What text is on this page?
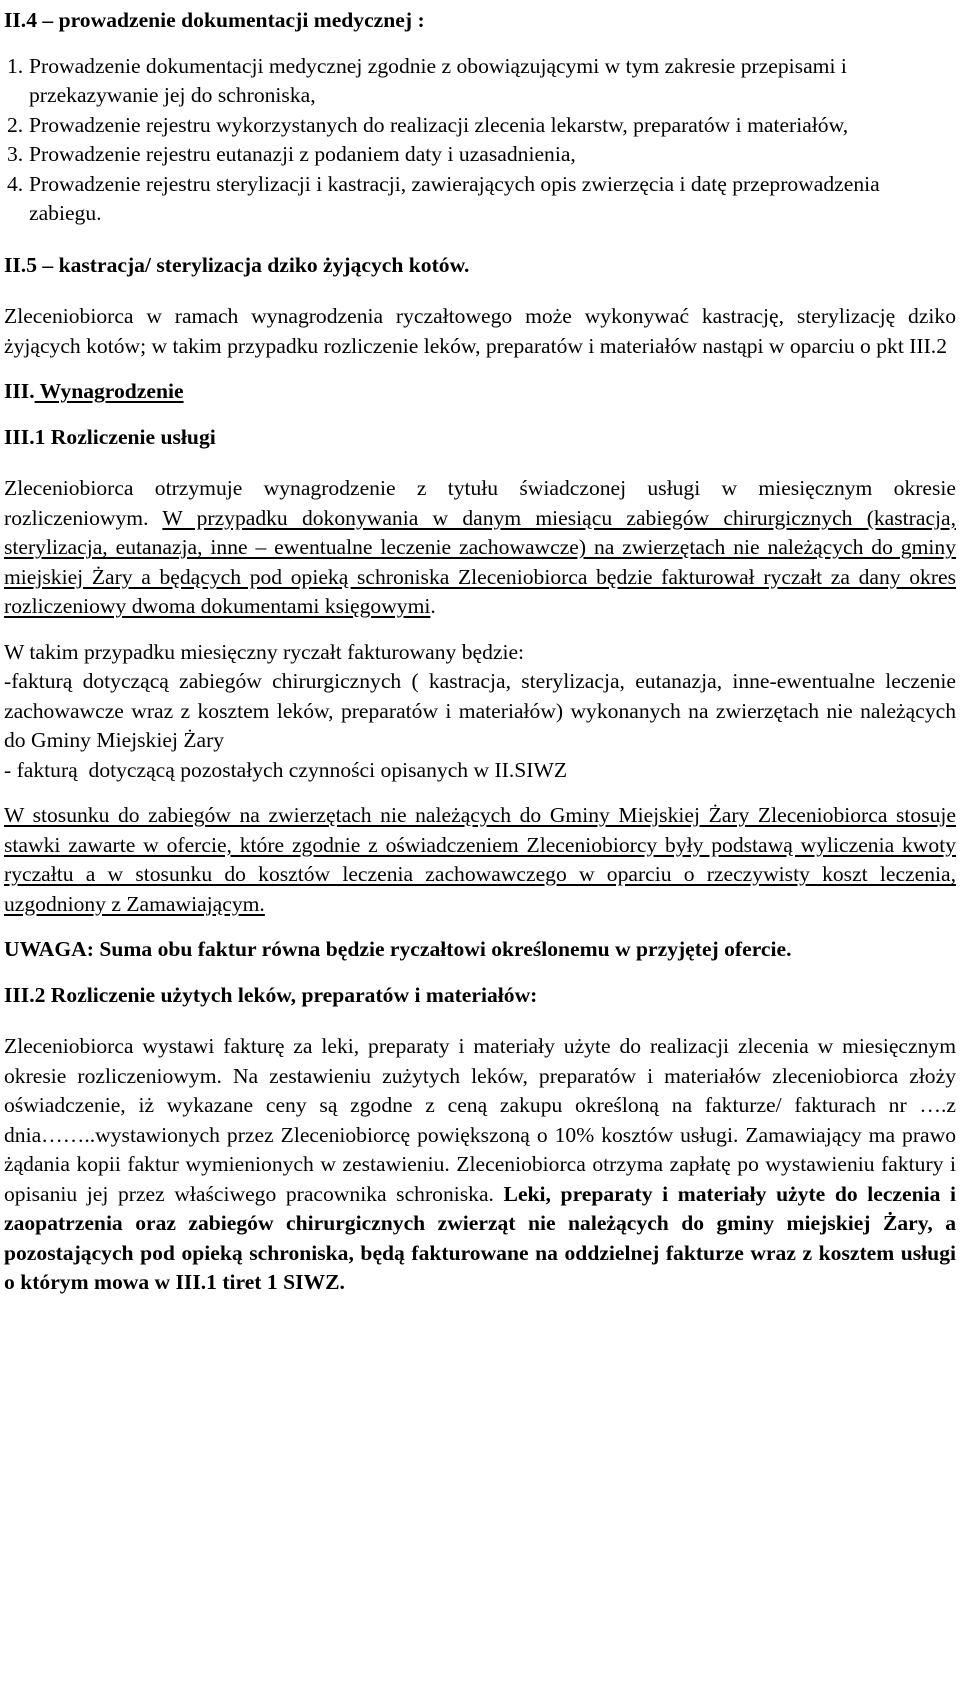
II.4 – prowadzenie dokumentacji medycznej :

1. Prowadzenie dokumentacji medycznej zgodnie z obowiązującymi w tym zakresie przepisami i przekazywanie jej do schroniska,
2. Prowadzenie rejestru wykorzystanych do realizacji zlecenia lekarstw, preparatów i materiałów,
3. Prowadzenie rejestru eutanazji z podaniem daty i uzasadnienia,
4. Prowadzenie rejestru sterylizacji i kastracji, zawierających opis zwierzęcia i datę przeprowadzenia zabiegu.

II.5 – kastracja/ sterylizacja dziko żyjących kotów.

Zleceniobiorca w ramach wynagrodzenia ryczałtowego może wykonywać kastrację, sterylizację dziko żyjących kotów; w takim przypadku rozliczenie leków, preparatów i materiałów nastąpi w oparciu o pkt III.2

III. Wynagrodzenie

III.1 Rozliczenie usługi

Zleceniobiorca otrzymuje wynagrodzenie z tytułu świadczonej usługi w miesięcznym okresie rozliczeniowym. W przypadku dokonywania w danym miesiącu zabiegów chirurgicznych (kastracja, sterylizacja, eutanazja, inne – ewentualne leczenie zachowawcze) na zwierzętach nie należących do gminy miejskiej Żary a będących pod opieką schroniska Zleceniobiorca będzie fakturował ryczałt za dany okres rozliczeniowy dwoma dokumentami księgowymi.

W takim przypadku miesięczny ryczałt fakturowany będzie:

-fakturą dotyczącą zabiegów chirurgicznych ( kastracja, sterylizacja, eutanazja, inne-ewentualne leczenie zachowawcze wraz z kosztem leków, preparatów i materiałów) wykonanych na zwierzętach nie należących do Gminy Miejskiej Żary

- fakturą  dotyczącą pozostałych czynności opisanych w II.SIWZ

W stosunku do zabiegów na zwierzętach nie należących do Gminy Miejskiej Żary Zleceniobiorca stosuje stawki zawarte w ofercie, które zgodnie z oświadczeniem Zleceniobiorcy były podstawą wyliczenia kwoty ryczałtu a w stosunku do kosztów leczenia zachowawczego w oparciu o rzeczywisty koszt leczenia, uzgodniony z Zamawiającym.

UWAGA: Suma obu faktur równa będzie ryczałtowi określonemu w przyjętej ofercie.

III.2 Rozliczenie użytych leków, preparatów i materiałów:

Zleceniobiorca wystawi fakturę za leki, preparaty i materiały użyte do realizacji zlecenia w miesięcznym okresie rozliczeniowym. Na zestawieniu zużytych leków, preparatów i materiałów zleceniobiorca złoży oświadczenie, iż wykazane ceny są zgodne z ceną zakupu określoną na fakturze/ fakturach nr ….z dnia……..wystawionych przez Zleceniobiorcę powiększoną o 10% kosztów usługi. Zamawiający ma prawo żądania kopii faktur wymienionych w zestawieniu. Zleceniobiorca otrzyma zapłatę po wystawieniu faktury i opisaniu jej przez właściwego pracownika schroniska. Leki, preparaty i materiały użyte do leczenia i zaopatrzenia oraz zabiegów chirurgicznych zwierząt nie należących do gminy miejskiej Żary, a pozostających pod opieką schroniska, będą fakturowane na oddzielnej fakturze wraz z kosztem usługi o którym mowa w III.1 tiret 1 SIWZ.
